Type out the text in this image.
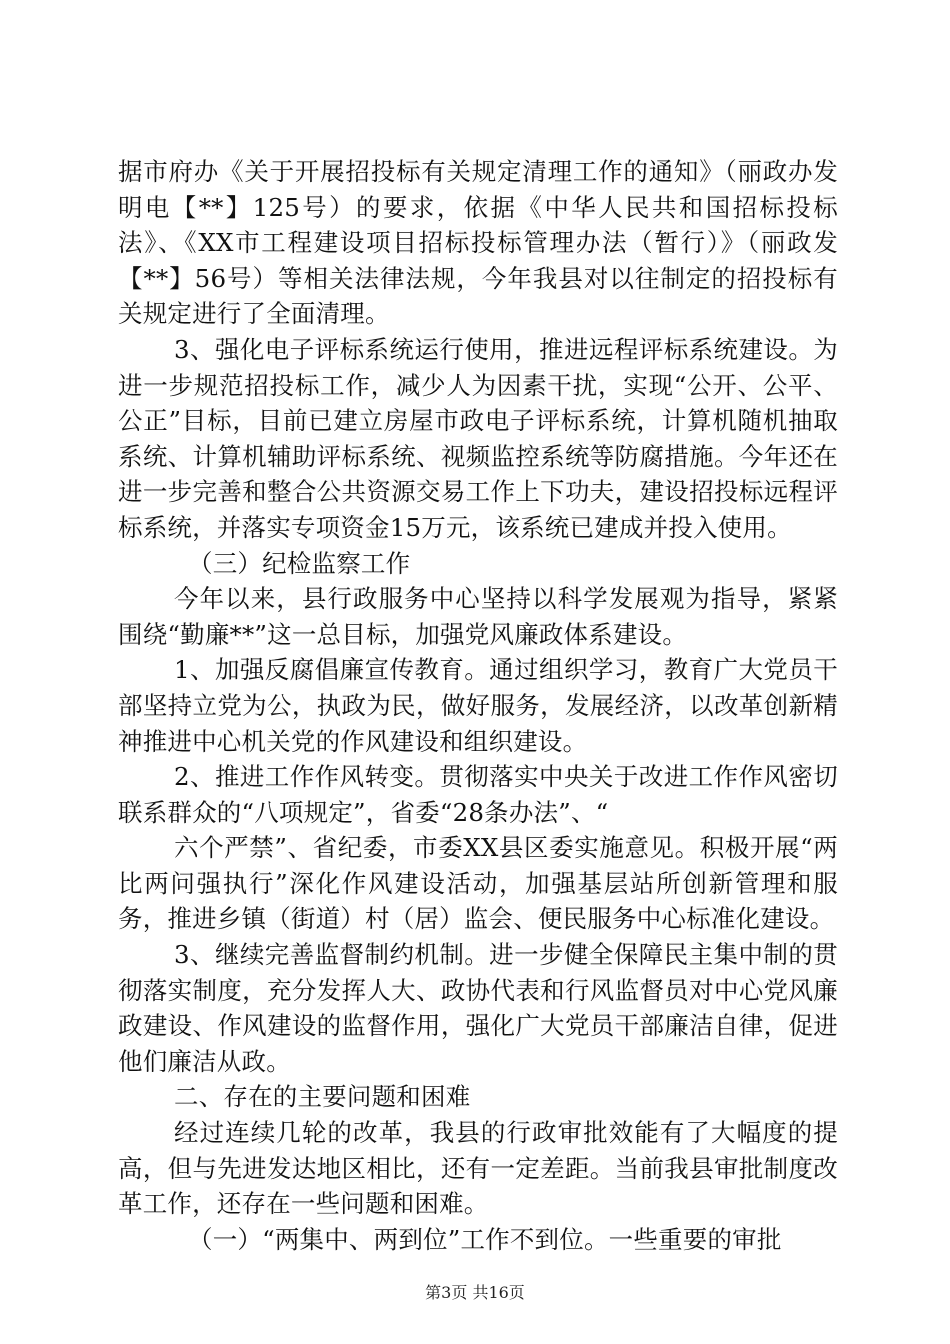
据市府办《关于开展招投标有关规定清理工作的通知》（丽政办发明电【**】125号）的要求，依据《中华人民共和国招标投标法》、《XX市工程建设项目招标投标管理办法（暂行）》（丽政发【**】56号）等相关法律法规，今年我县对以往制定的招投标有关规定进行了全面清理。

3、强化电子评标系统运行使用，推进远程评标系统建设。为进一步规范招投标工作，减少人为因素干扰，实现“公开、公平、公正”目标，目前已建立房屋市政电子评标系统，计算机随机抽取系统、计算机辅助评标系统、视频监控系统等防腐措施。今年还在进一步完善和整合公共资源交易工作上下功夫，建设招投标远程评标系统，并落实专项资金15万元，该系统已建成并投入使用。

（三）纪检监察工作

今年以来，县行政服务中心坚持以科学发展观为指导，紧紧围绕“勤廉**”这一总目标，加强党风廉政体系建设。

1、加强反腐倡廉宣传教育。通过组织学习，教育广大党员干部坚持立党为公，执政为民，做好服务，发展经济，以改革创新精神推进中心机关党的作风建设和组织建设。

2、推进工作作风转变。贯彻落实中央关于改进工作作风密切联系群众的“八项规定”，省委“28条办法”、“

六个严禁”、省纪委，市委XX县区委实施意见。积极开展“两比两问强执行”深化作风建设活动，加强基层站所创新管理和服务，推进乡镇（街道）村（居）监会、便民服务中心标准化建设。

3、继续完善监督制约机制。进一步健全保障民主集中制的贯彻落实制度，充分发挥人大、政协代表和行风监督员对中心党风廉政建设、作风建设的监督作用，强化广大党员干部廉洁自律，促进他们廉洁从政。

二、存在的主要问题和困难

经过连续几轮的改革，我县的行政审批效能有了大幅度的提高，但与先进发达地区相比，还有一定差距。当前我县审批制度改革工作，还存在一些问题和困难。

（一）“两集中、两到位”工作不到位。一些重要的审批

第3页 共16页
